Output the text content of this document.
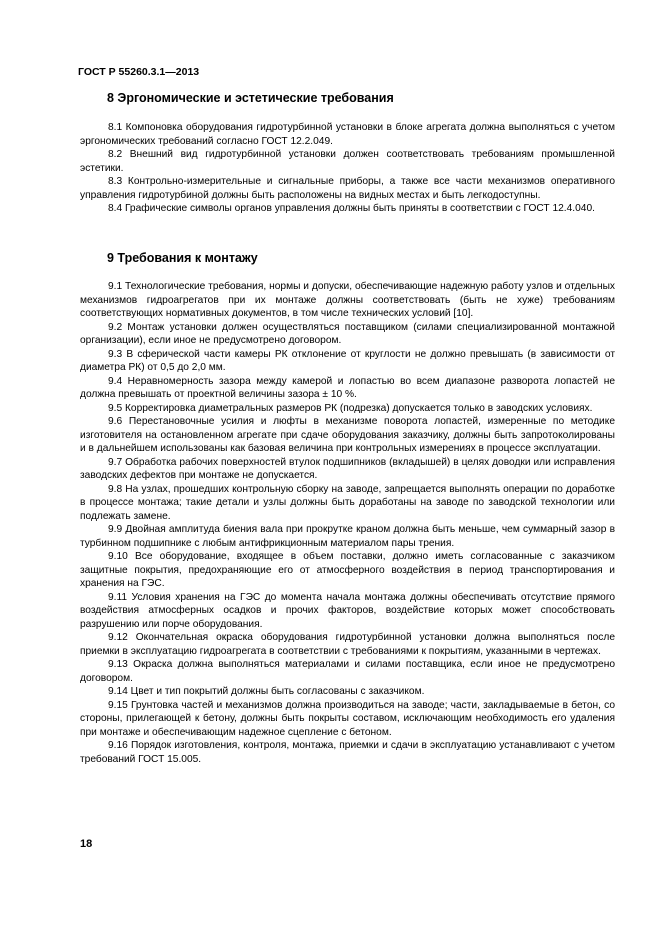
ГОСТ Р 55260.3.1—2013
8 Эргономические и эстетические требования

8.1 Компоновка оборудования гидротурбинной установки в блоке агрегата должна выполняться с учетом эргономических требований согласно ГОСТ 12.2.049.

8.2 Внешний вид гидротурбинной установки должен соответствовать требованиям промышленной эстетики.

8.3 Контрольно-измерительные и сигнальные приборы, а также все части механизмов оперативного управления гидротурбиной должны быть расположены на видных местах и быть легкодоступны.

8.4 Графические символы органов управления должны быть приняты в соответствии с ГОСТ 12.4.040.

9 Требования к монтажу

9.1 Технологические требования, нормы и допуски, обеспечивающие надежную работу узлов и отдельных механизмов гидроагрегатов при их монтаже должны соответствовать (быть не хуже) требованиям соответствующих нормативных документов, в том числе технических условий [10].

9.2 Монтаж установки должен осуществляться поставщиком (силами специализированной монтажной организации), если иное не предусмотрено договором.

9.3 В сферической части камеры РК отклонение от круглости не должно превышать (в зависимости от диаметра РК) от 0,5 до 2,0 мм.

9.4 Неравномерность зазора между камерой и лопастью во всем диапазоне разворота лопастей не должна превышать от проектной величины зазора ± 10 %.

9.5 Корректировка диаметральных размеров РК (подрезка) допускается только в заводских условиях.

9.6 Перестановочные усилия и люфты в механизме поворота лопастей, измеренные по методике изготовителя на остановленном агрегате при сдаче оборудования заказчику, должны быть запротоколированы и в дальнейшем использованы как базовая величина при контрольных измерениях в процессе эксплуатации.

9.7 Обработка рабочих поверхностей втулок подшипников (вкладышей) в целях доводки или исправления заводских дефектов при монтаже не допускается.

9.8 На узлах, прошедших контрольную сборку на заводе, запрещается выполнять операции по доработке в процессе монтажа; такие детали и узлы должны быть доработаны на заводе по заводской технологии или подлежать замене.

9.9 Двойная амплитуда биения вала при прокрутке краном должна быть меньше, чем суммарный зазор в турбинном подшипнике с любым антифрикционным материалом пары трения.

9.10 Все оборудование, входящее в объем поставки, должно иметь согласованные с заказчиком защитные покрытия, предохраняющие его от атмосферного воздействия в период транспортирования и хранения на ГЭС.

9.11 Условия хранения на ГЭС до момента начала монтажа должны обеспечивать отсутствие прямого воздействия атмосферных осадков и прочих факторов, воздействие которых может способствовать разрушению или порче оборудования.

9.12 Окончательная окраска оборудования гидротурбинной установки должна выполняться после приемки в эксплуатацию гидроагрегата в соответствии с требованиями к покрытиям, указанными в чертежах.

9.13 Окраска должна выполняться материалами и силами поставщика, если иное не предусмотрено договором.

9.14 Цвет и тип покрытий должны быть согласованы с заказчиком.

9.15 Грунтовка частей и механизмов должна производиться на заводе; части, закладываемые в бетон, со стороны, прилегающей к бетону, должны быть покрыты составом, исключающим необходимость его удаления при монтаже и обеспечивающим надежное сцепление с бетоном.

9.16 Порядок изготовления, контроля, монтажа, приемки и сдачи в эксплуатацию устанавливают с учетом требований ГОСТ 15.005.

18
